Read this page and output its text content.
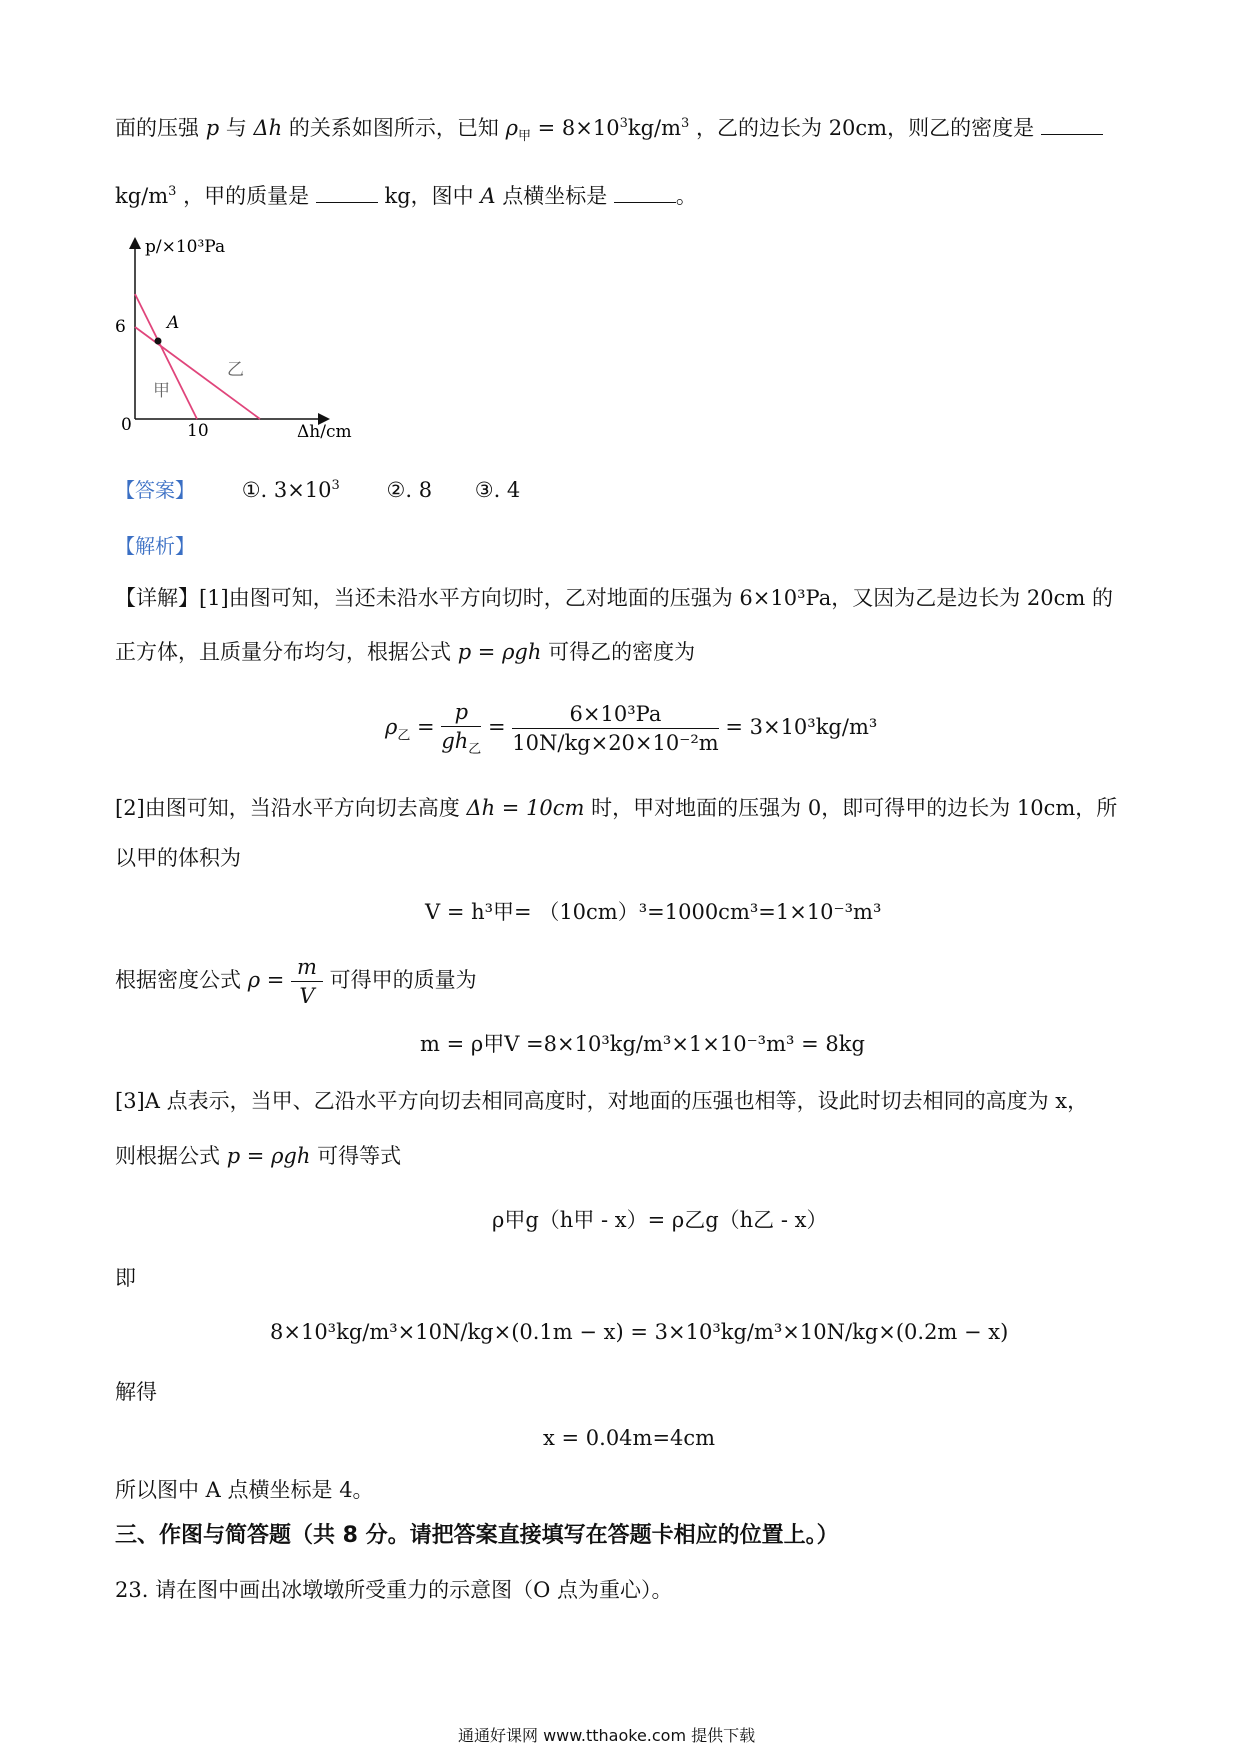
面的压强 p 与 Δh 的关系如图所示，已知 $\rho_甲 = 8\times 10^3kg/m^3$ ，乙的边长为 20cm，则乙的密度是
$kg/m^3$ ，甲的质量是	kg，图中 A 点横坐标是	。
p/×10³Pa
Δh/cm
0
6
10
A
甲
乙
【答案】 ①. $3\times 10^3$ ②. 8 ③. 4
【解析】
【详解】[1]由图可知，当还未沿水平方向切时，乙对地面的压强为 6×10³Pa，又因为乙是边长为 20cm 的
正方体，且质量分布均匀，根据公式 p = ρgh 可得乙的密度为
$\rho_乙 = \frac{p}{gh_乙} = \frac{\text{6×10³Pa}}{\text{10N/kg×20×10⁻²m}} = 3\times 10^3kg/m^3$
[2]由图可知，当沿水平方向切去高度 Δh = 10cm 时，甲对地面的压强为 0，即可得甲的边长为 10cm，所
以甲的体积为
V = h³甲= （10cm）³=1000cm³=1×10⁻³m³
根据密度公式 $\rho = \frac{m}{V}$ 可得甲的质量为
m = ρ甲V =8×10³kg/m³×1×10⁻³m³ = 8kg
[3]A 点表示，当甲、乙沿水平方向切去相同高度时，对地面的压强也相等，设此时切去相同的高度为 x，
则根据公式 p = ρgh 可得等式
ρ甲g（h甲 - x）= ρ乙g（h乙 - x）
即
8×10³kg/m³×10N/kg×(0.1m − x) = 3×10³kg/m³×10N/kg×(0.2m − x)
解得
x = 0.04m=4cm
所以图中 A 点横坐标是 4。
三、作图与简答题（共 8 分。请把答案直接填写在答题卡相应的位置上。）
23. 请在图中画出冰墩墩所受重力的示意图（O 点为重心）。
通通好课网 www.tthaoke.com 提供下载
